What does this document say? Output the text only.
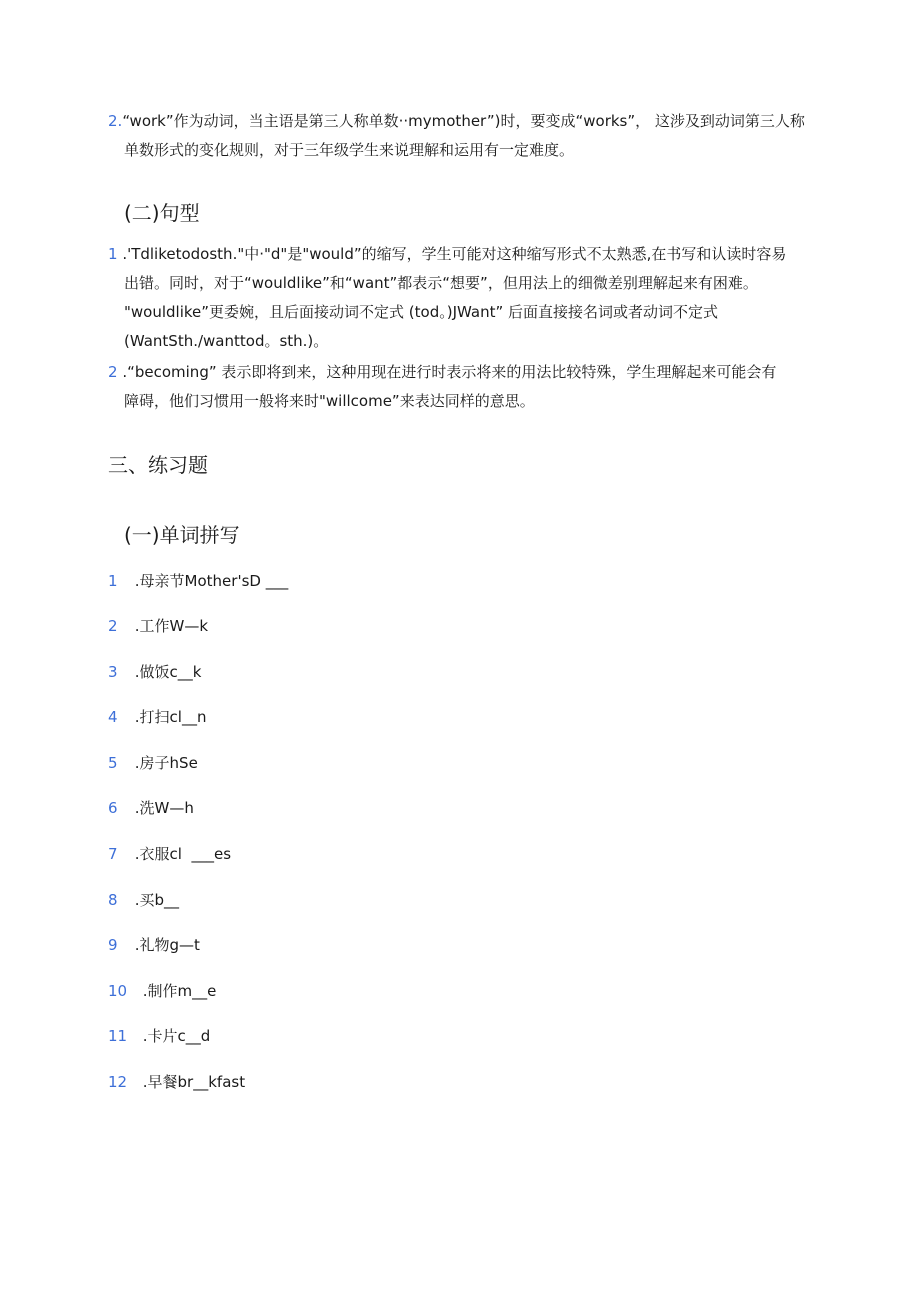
2.“work”作为动词，当主语是第三人称单数··mymother”)时，要变成“works”， 这涉及到动词第三人称
单数形式的变化规则，对于三年级学生来说理解和运用有一定难度。
(二)句型
1 .'Tdliketodosth."中·"d"是"would”的缩写，学生可能对这种缩写形式不太熟悉,在书写和认读时容易
出错。同时，对于“wouldlike”和“want”都表示“想要”，但用法上的细微差别理解起来有困难。
"wouldlike”更委婉，且后面接动词不定式 (tod。)JWant” 后面直接接名词或者动词不定式
(WantSth./wanttod。sth.)。
2 .“becoming” 表示即将到来，这种用现在进行时表示将来的用法比较特殊，学生理解起来可能会有
障碍，他们习惯用一般将来时"willcome”来表达同样的意思。
三、练习题
(一)单词拼写
1 .母亲节Mother'sD ___
2 .工作W—k
3 .做饭c__k
4 .打扫cl__n
5 .房子hSe
6 .洗W—h
7 .衣服cl  ___es
8 .买b__
9 .礼物g—t
10 .制作m__e
11 .卡片c__d
12 .早餐br__kfast
